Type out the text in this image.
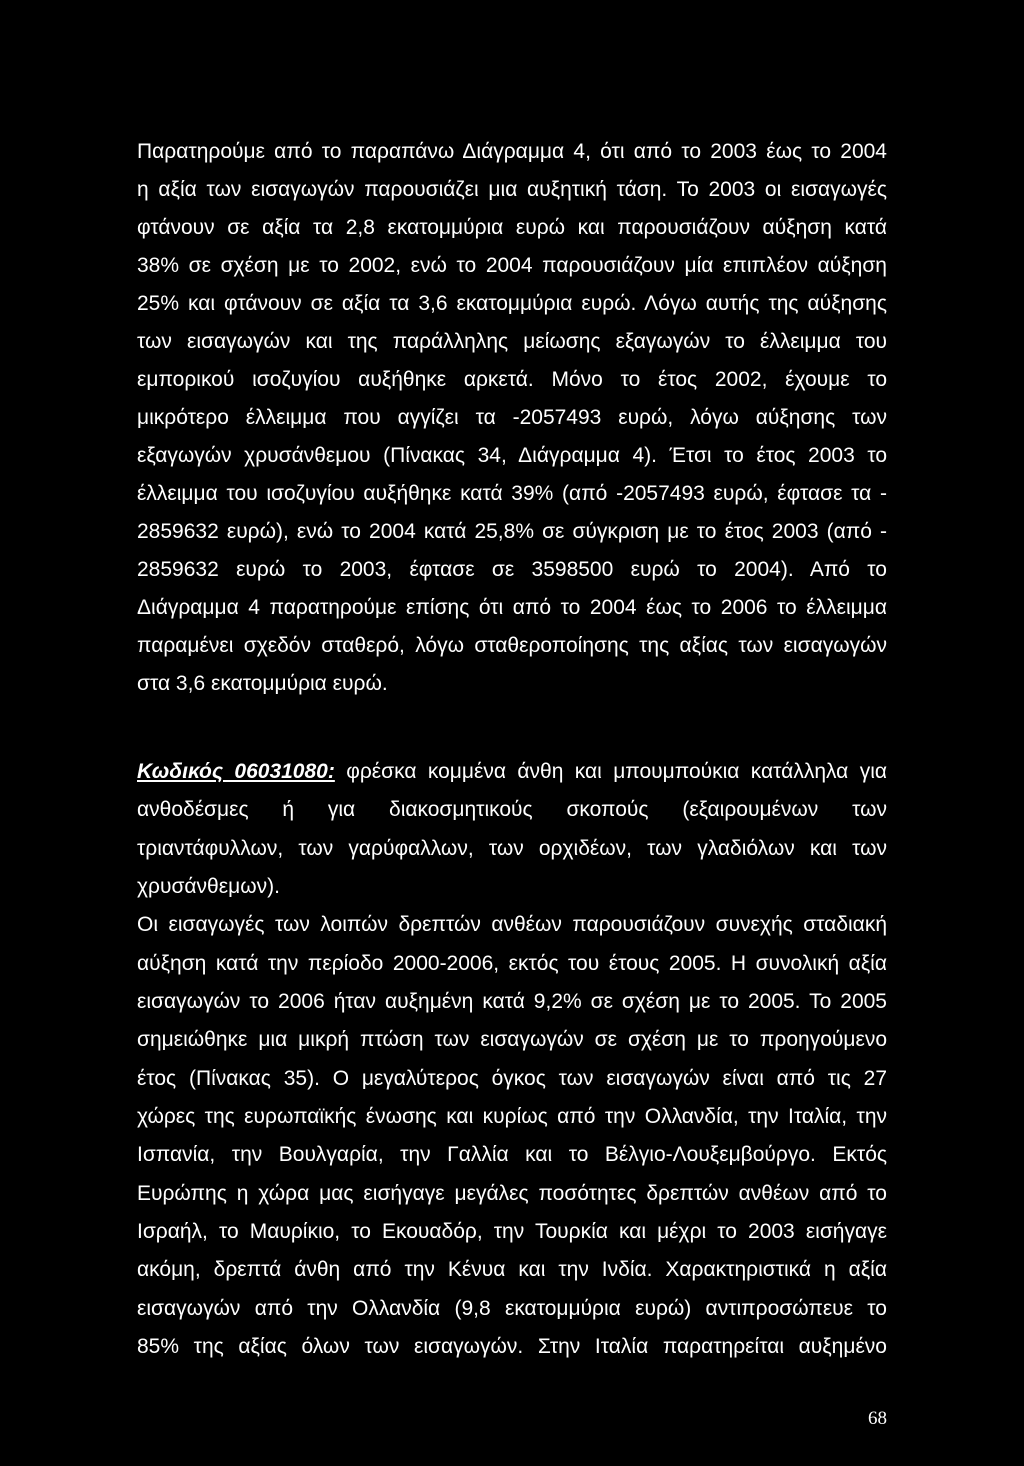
Παρατηρούμε από το παραπάνω Διάγραμμα 4, ότι από το 2003 έως το 2004
η αξία των εισαγωγών παρουσιάζει μια αυξητική τάση. Το 2003 οι εισαγωγές
φτάνουν σε αξία τα 2,8 εκατομμύρια ευρώ και παρουσιάζουν αύξηση κατά
38% σε σχέση με το 2002, ενώ το 2004 παρουσιάζουν μία επιπλέον αύξηση
25% και φτάνουν σε αξία τα 3,6 εκατομμύρια ευρώ. Λόγω αυτής της αύξησης
των εισαγωγών και της παράλληλης μείωσης εξαγωγών το έλλειμμα του
εμπορικού ισοζυγίου αυξήθηκε αρκετά. Μόνο το έτος 2002, έχουμε το
μικρότερο έλλειμμα που αγγίζει τα -2057493 ευρώ, λόγω αύξησης των
εξαγωγών χρυσάνθεμου (Πίνακας 34, Διάγραμμα 4). Έτσι το έτος 2003 το
έλλειμμα του ισοζυγίου αυξήθηκε κατά 39% (από -2057493 ευρώ, έφτασε τα -
2859632 ευρώ), ενώ το 2004 κατά 25,8% σε σύγκριση με το έτος 2003 (από -
2859632 ευρώ το 2003, έφτασε σε 3598500 ευρώ το 2004). Από το
Διάγραμμα 4 παρατηρούμε επίσης ότι από το 2004 έως το 2006 το έλλειμμα
παραμένει σχεδόν σταθερό, λόγω σταθεροποίησης της αξίας των εισαγωγών
στα 3,6 εκατομμύρια ευρώ.
Κωδικός 06031080: φρέσκα κομμένα άνθη και μπουμπούκια κατάλληλα για
ανθοδέσμες ή για διακοσμητικούς σκοπούς (εξαιρουμένων των
τριαντάφυλλων, των γαρύφαλλων, των ορχιδέων, των γλαδιόλων και των
χρυσάνθεμων).
Οι εισαγωγές των λοιπών δρεπτών ανθέων παρουσιάζουν συνεχής σταδιακή
αύξηση κατά την περίοδο 2000-2006, εκτός του έτους 2005. Η συνολική αξία
εισαγωγών το 2006 ήταν αυξημένη κατά 9,2% σε σχέση με το 2005. Το 2005
σημειώθηκε μια μικρή πτώση των εισαγωγών σε σχέση με το προηγούμενο
έτος (Πίνακας 35). Ο μεγαλύτερος όγκος των εισαγωγών είναι από τις 27
χώρες της ευρωπαϊκής ένωσης και κυρίως από την Ολλανδία, την Ιταλία, την
Ισπανία, την Βουλγαρία, την Γαλλία και το Βέλγιο-Λουξεμβούργο. Εκτός
Ευρώπης η χώρα μας εισήγαγε μεγάλες ποσότητες δρεπτών ανθέων από το
Ισραήλ, το Μαυρίκιο, το Εκουαδόρ, την Τουρκία και μέχρι το 2003 εισήγαγε
ακόμη, δρεπτά άνθη από την Κένυα και την Ινδία. Χαρακτηριστικά η αξία
εισαγωγών από την Ολλανδία (9,8 εκατομμύρια ευρώ) αντιπροσώπευε το
85% της αξίας όλων των εισαγωγών. Στην Ιταλία παρατηρείται αυξημένο
68
